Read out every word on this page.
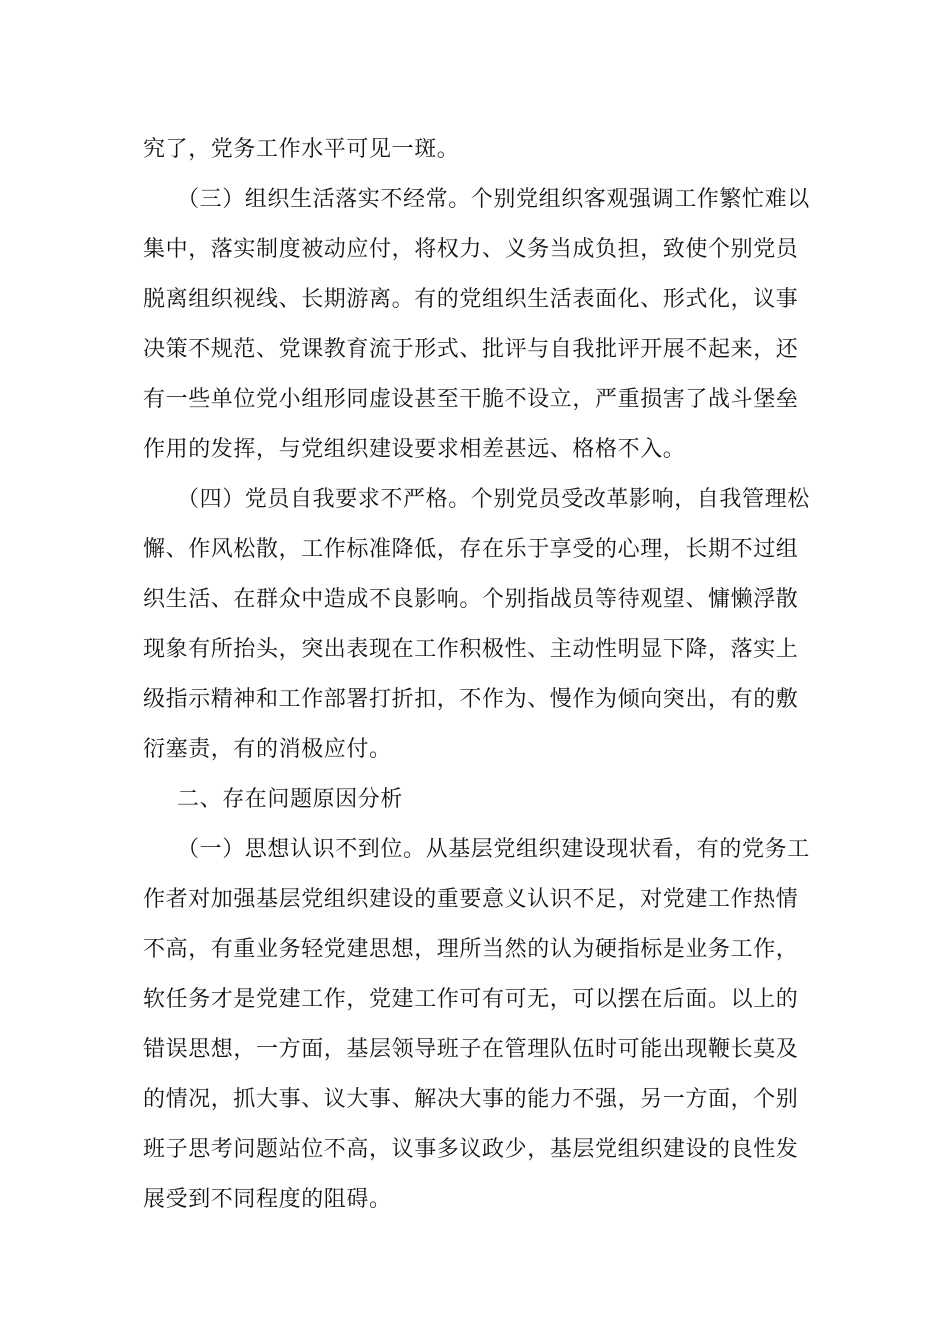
究了，党务工作水平可见一斑。
（三）组织生活落实不经常。个别党组织客观强调工作繁忙难以
集中，落实制度被动应付，将权力、义务当成负担，致使个别党员
脱离组织视线、长期游离。有的党组织生活表面化、形式化，议事
决策不规范、党课教育流于形式、批评与自我批评开展不起来，还
有一些单位党小组形同虚设甚至干脆不设立，严重损害了战斗堡垒
作用的发挥，与党组织建设要求相差甚远、格格不入。
（四）党员自我要求不严格。个别党员受改革影响，自我管理松
懈、作风松散，工作标准降低，存在乐于享受的心理，长期不过组
织生活、在群众中造成不良影响。个别指战员等待观望、慵懒浮散
现象有所抬头，突出表现在工作积极性、主动性明显下降，落实上
级指示精神和工作部署打折扣，不作为、慢作为倾向突出，有的敷
衍塞责，有的消极应付。
二、存在问题原因分析
（一）思想认识不到位。从基层党组织建设现状看，有的党务工
作者对加强基层党组织建设的重要意义认识不足，对党建工作热情
不高，有重业务轻党建思想，理所当然的认为硬指标是业务工作，
软任务才是党建工作，党建工作可有可无，可以摆在后面。以上的
错误思想，一方面，基层领导班子在管理队伍时可能出现鞭长莫及
的情况，抓大事、议大事、解决大事的能力不强，另一方面，个别
班子思考问题站位不高，议事多议政少，基层党组织建设的良性发
展受到不同程度的阻碍。
